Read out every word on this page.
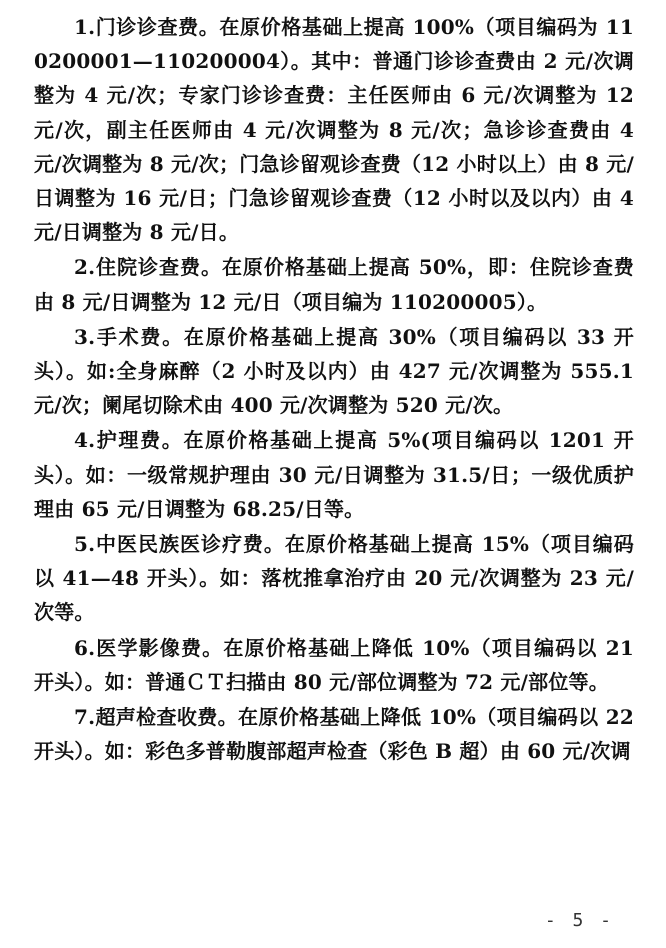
1.门诊诊查费。在原价格基础上提高 100%（项目编码为 110200001—110200004）。其中：普通门诊诊查费由 2 元/次调整为 4 元/次；专家门诊诊查费：主任医师由 6 元/次调整为 12 元/次，副主任医师由 4 元/次调整为 8 元/次；急诊诊查费由 4 元/次调整为 8 元/次；门急诊留观诊查费（12 小时以上）由 8 元/日调整为 16 元/日；门急诊留观诊查费（12 小时以及以内）由 4 元/日调整为 8 元/日。

2.住院诊查费。在原价格基础上提高 50%，即：住院诊查费由 8 元/日调整为 12 元/日（项目编为 110200005）。

3.手术费。在原价格基础上提高 30%（项目编码以 33 开头）。如:全身麻醉（2 小时及以内）由 427 元/次调整为 555.1 元/次；阑尾切除术由 400 元/次调整为 520 元/次。

4.护理费。在原价格基础上提高 5%(项目编码以 1201 开头）。如：一级常规护理由 30 元/日调整为 31.5/日；一级优质护理由 65 元/日调整为 68.25/日等。

5.中医民族医诊疗费。在原价格基础上提高 15%（项目编码以 41—48 开头）。如：落枕推拿治疗由 20 元/次调整为 23 元/次等。

6.医学影像费。在原价格基础上降低 10%（项目编码以 21 开头）。如：普通ＣＴ扫描由 80 元/部位调整为 72 元/部位等。

7.超声检查收费。在原价格基础上降低 10%（项目编码以 22 开头）。如：彩色多普勒腹部超声检查（彩色 B 超）由 60 元/次调

- 5 -
